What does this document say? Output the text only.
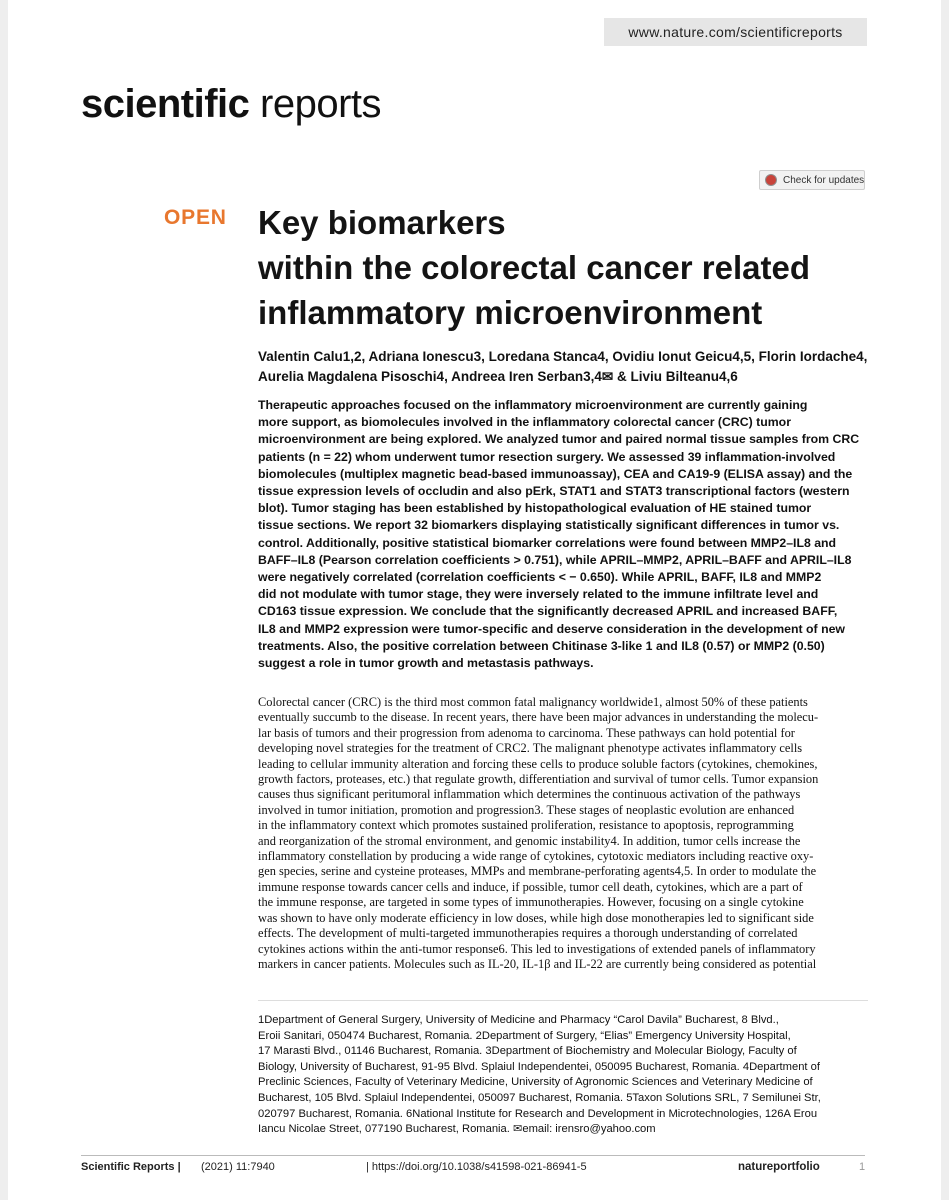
www.nature.com/scientificreports
scientific reports
Check for updates
OPEN Key biomarkers
within the colorectal cancer related
inflammatory microenvironment
Valentin Calu1,2, Adriana Ionescu3, Loredana Stanca4, Ovidiu Ionut Geicu4,5, Florin Iordache4,
Aurelia Magdalena Pisoschi4, Andreea Iren Serban3,4✉ & Liviu Bilteanu4,6
Therapeutic approaches focused on the inflammatory microenvironment are currently gaining
more support, as biomolecules involved in the inflammatory colorectal cancer (CRC) tumor
microenvironment are being explored. We analyzed tumor and paired normal tissue samples from CRC
patients (n = 22) whom underwent tumor resection surgery. We assessed 39 inflammation-involved
biomolecules (multiplex magnetic bead-based immunoassay), CEA and CA19-9 (ELISA assay) and the
tissue expression levels of occludin and also pErk, STAT1 and STAT3 transcriptional factors (western
blot). Tumor staging has been established by histopathological evaluation of HE stained tumor
tissue sections. We report 32 biomarkers displaying statistically significant differences in tumor vs.
control. Additionally, positive statistical biomarker correlations were found between MMP2–IL8 and
BAFF–IL8 (Pearson correlation coefficients > 0.751), while APRIL–MMP2, APRIL–BAFF and APRIL–IL8
were negatively correlated (correlation coefficients < − 0.650). While APRIL, BAFF, IL8 and MMP2
did not modulate with tumor stage, they were inversely related to the immune infiltrate level and
CD163 tissue expression. We conclude that the significantly decreased APRIL and increased BAFF,
IL8 and MMP2 expression were tumor-specific and deserve consideration in the development of new
treatments. Also, the positive correlation between Chitinase 3-like 1 and IL8 (0.57) or MMP2 (0.50)
suggest a role in tumor growth and metastasis pathways.
Colorectal cancer (CRC) is the third most common fatal malignancy worldwide1, almost 50% of these patients
eventually succumb to the disease. In recent years, there have been major advances in understanding the molecu-
lar basis of tumors and their progression from adenoma to carcinoma. These pathways can hold potential for
developing novel strategies for the treatment of CRC2. The malignant phenotype activates inflammatory cells
leading to cellular immunity alteration and forcing these cells to produce soluble factors (cytokines, chemokines,
growth factors, proteases, etc.) that regulate growth, differentiation and survival of tumor cells. Tumor expansion
causes thus significant peritumoral inflammation which determines the continuous activation of the pathways
involved in tumor initiation, promotion and progression3. These stages of neoplastic evolution are enhanced
in the inflammatory context which promotes sustained proliferation, resistance to apoptosis, reprogramming
and reorganization of the stromal environment, and genomic instability4. In addition, tumor cells increase the
inflammatory constellation by producing a wide range of cytokines, cytotoxic mediators including reactive oxy-
gen species, serine and cysteine proteases, MMPs and membrane-perforating agents4,5. In order to modulate the
immune response towards cancer cells and induce, if possible, tumor cell death, cytokines, which are a part of
the immune response, are targeted in some types of immunotherapies. However, focusing on a single cytokine
was shown to have only moderate efficiency in low doses, while high dose monotherapies led to significant side
effects. The development of multi-targeted immunotherapies requires a thorough understanding of correlated
cytokines actions within the anti-tumor response6. This led to investigations of extended panels of inflammatory
markers in cancer patients. Molecules such as IL-20, IL-1β and IL-22 are currently being considered as potential
1Department of General Surgery, University of Medicine and Pharmacy “Carol Davila” Bucharest, 8 Blvd.,
Eroii Sanitari, 050474 Bucharest, Romania. 2Department of Surgery, “Elias” Emergency University Hospital,
17 Marasti Blvd., 01146 Bucharest, Romania. 3Department of Biochemistry and Molecular Biology, Faculty of
Biology, University of Bucharest, 91-95 Blvd. Splaiul Independentei, 050095 Bucharest, Romania. 4Department of
Preclinic Sciences, Faculty of Veterinary Medicine, University of Agronomic Sciences and Veterinary Medicine of
Bucharest, 105 Blvd. Splaiul Independentei, 050097 Bucharest, Romania. 5Taxon Solutions SRL, 7 Semilunei Str,
020797 Bucharest, Romania. 6National Institute for Research and Development in Microtechnologies, 126A Erou
Iancu Nicolae Street, 077190 Bucharest, Romania. ✉email: irensro@yahoo.com
Scientific Reports | (2021) 11:7940	| https://doi.org/10.1038/s41598-021-86941-5	natureportfolio	1
